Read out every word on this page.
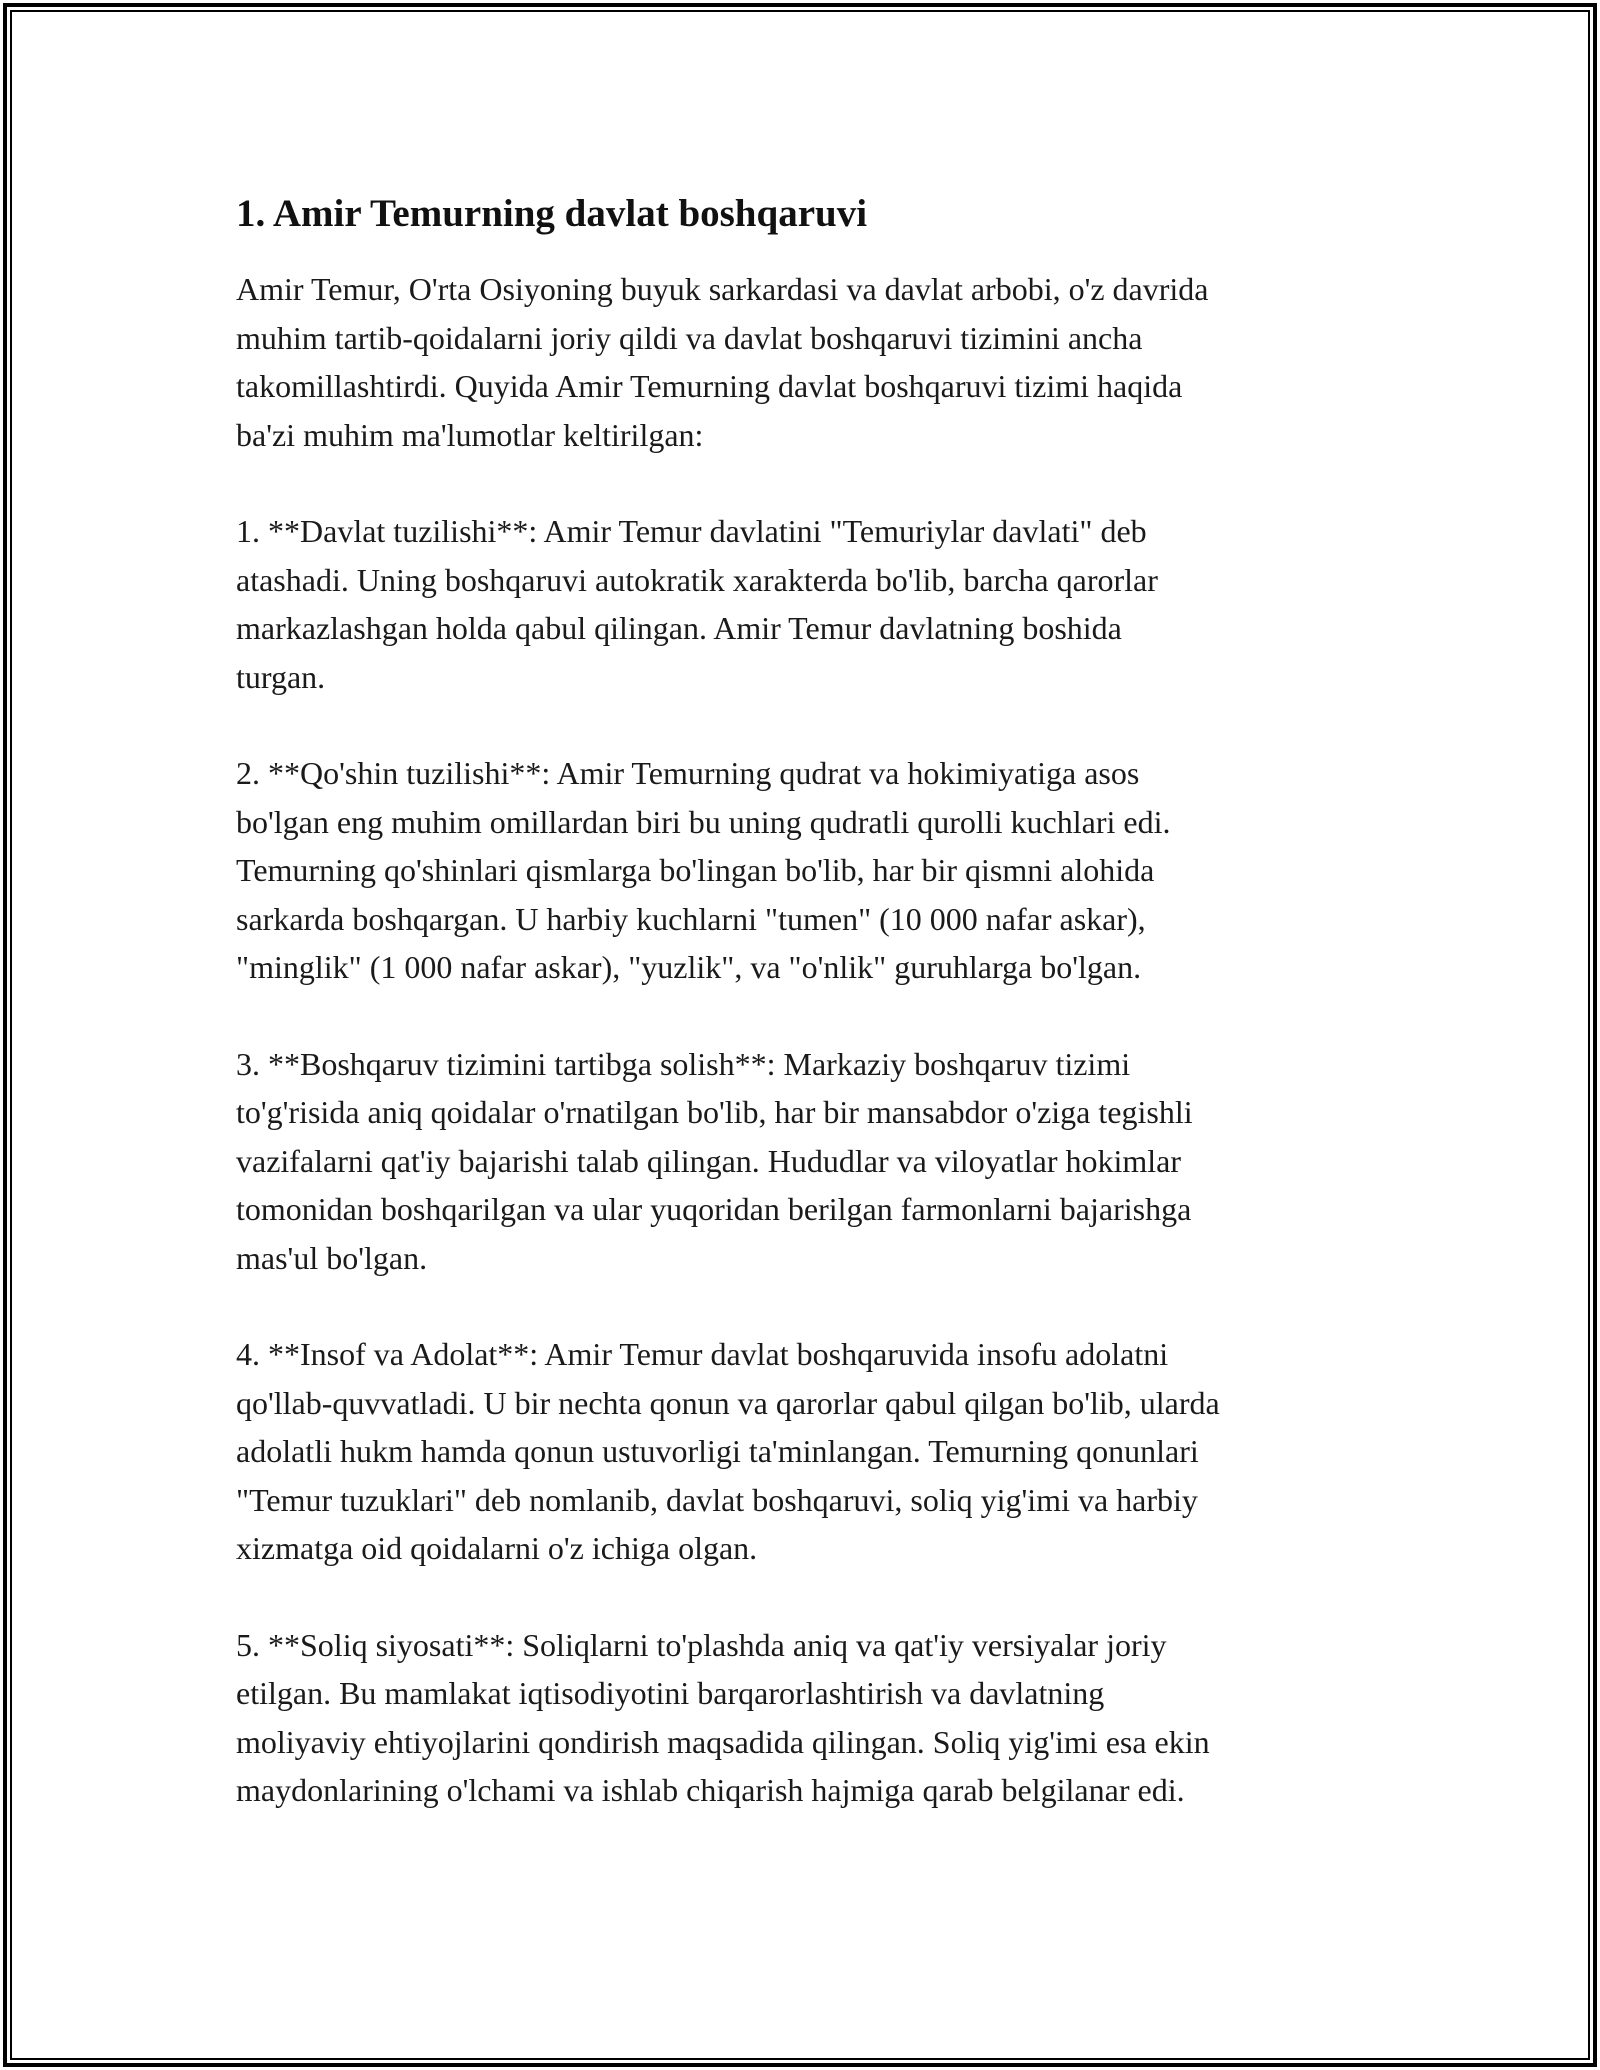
1. Amir Temurning davlat boshqaruvi

Amir Temur, O'rta Osiyoning buyuk sarkardasi va davlat arbobi, o'z davrida
muhim tartib-qoidalarni joriy qildi va davlat boshqaruvi tizimini ancha
takomillashtirdi. Quyida Amir Temurning davlat boshqaruvi tizimi haqida
ba'zi muhim ma'lumotlar keltirilgan:

1. **Davlat tuzilishi**: Amir Temur davlatini "Temuriylar davlati" deb
atashadi. Uning boshqaruvi autokratik xarakterda bo'lib, barcha qarorlar
markazlashgan holda qabul qilingan. Amir Temur davlatning boshida
turgan.

2. **Qo'shin tuzilishi**: Amir Temurning qudrat va hokimiyatiga asos
bo'lgan eng muhim omillardan biri bu uning qudratli qurolli kuchlari edi.
Temurning qo'shinlari qismlarga bo'lingan bo'lib, har bir qismni alohida
sarkarda boshqargan. U harbiy kuchlarni "tumen" (10 000 nafar askar),
"minglik" (1 000 nafar askar), "yuzlik", va "o'nlik" guruhlarga bo'lgan.

3. **Boshqaruv tizimini tartibga solish**: Markaziy boshqaruv tizimi
to'g'risida aniq qoidalar o'rnatilgan bo'lib, har bir mansabdor o'ziga tegishli
vazifalarni qat'iy bajarishi talab qilingan. Hududlar va viloyatlar hokimlar
tomonidan boshqarilgan va ular yuqoridan berilgan farmonlarni bajarishga
mas'ul bo'lgan.

4. **Insof va Adolat**: Amir Temur davlat boshqaruvida insofu adolatni
qo'llab-quvvatladi. U bir nechta qonun va qarorlar qabul qilgan bo'lib, ularda
adolatli hukm hamda qonun ustuvorligi ta'minlangan. Temurning qonunlari
"Temur tuzuklari" deb nomlanib, davlat boshqaruvi, soliq yig'imi va harbiy
xizmatga oid qoidalarni o'z ichiga olgan.

5. **Soliq siyosati**: Soliqlarni to'plashda aniq va qat'iy versiyalar joriy
etilgan. Bu mamlakat iqtisodiyotini barqarorlashtirish va davlatning
moliyaviy ehtiyojlarini qondirish maqsadida qilingan. Soliq yig'imi esa ekin
maydonlarining o'lchami va ishlab chiqarish hajmiga qarab belgilanar edi.
